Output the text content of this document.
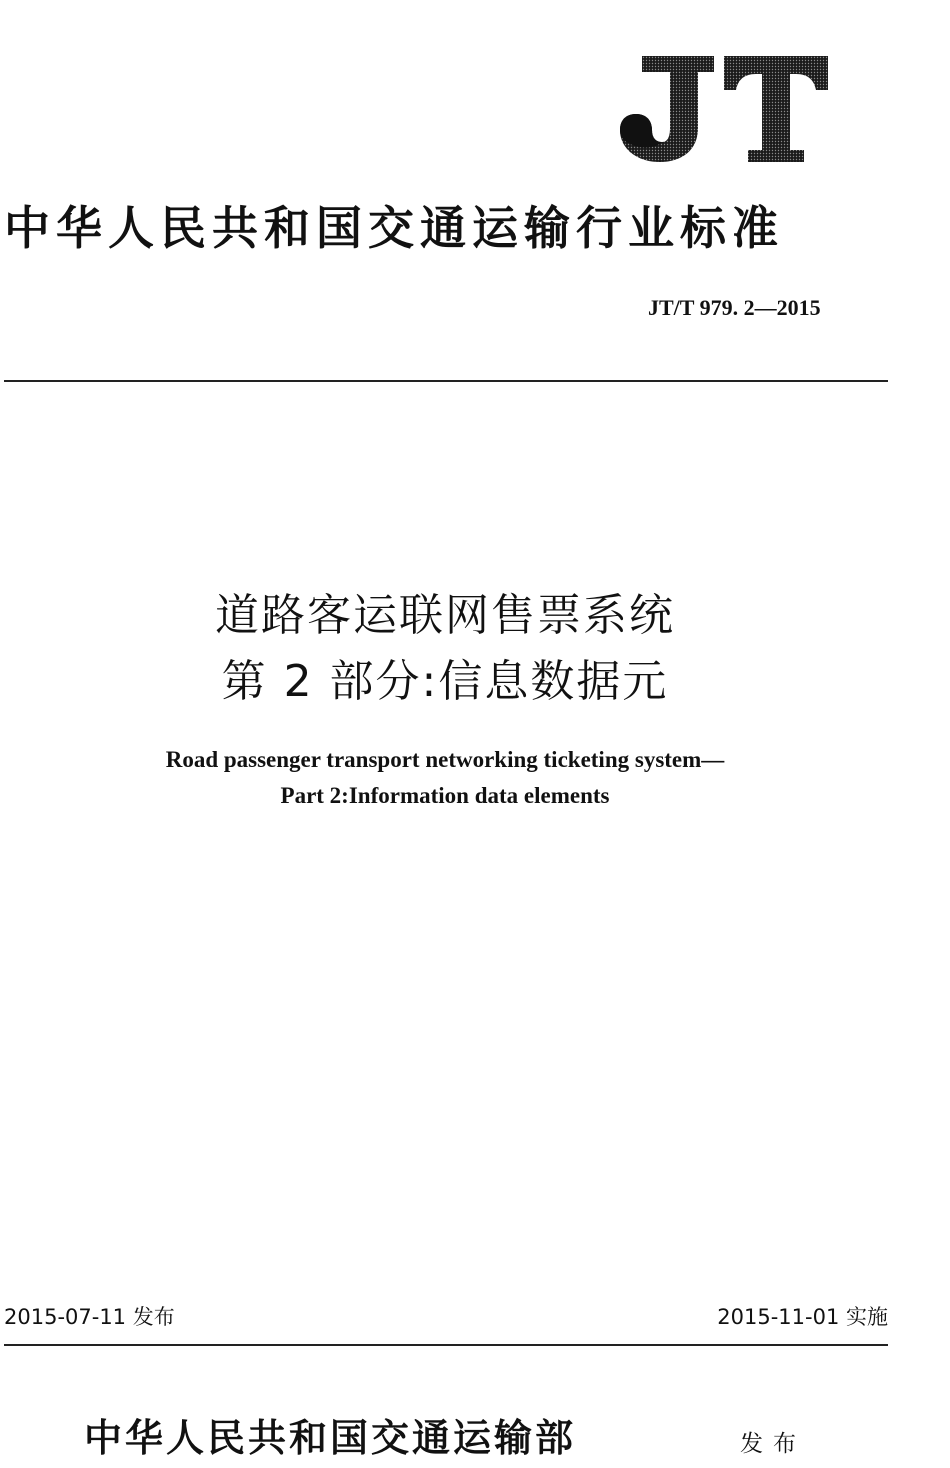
中华人民共和国交通运输行业标准
JT/T 979. 2—2015
道路客运联网售票系统
第 2 部分:信息数据元
Road passenger transport networking ticketing system—
Part 2:Information data elements
2015-07-11 发布	2015-11-01 实施
中华人民共和国交通运输部	发布
